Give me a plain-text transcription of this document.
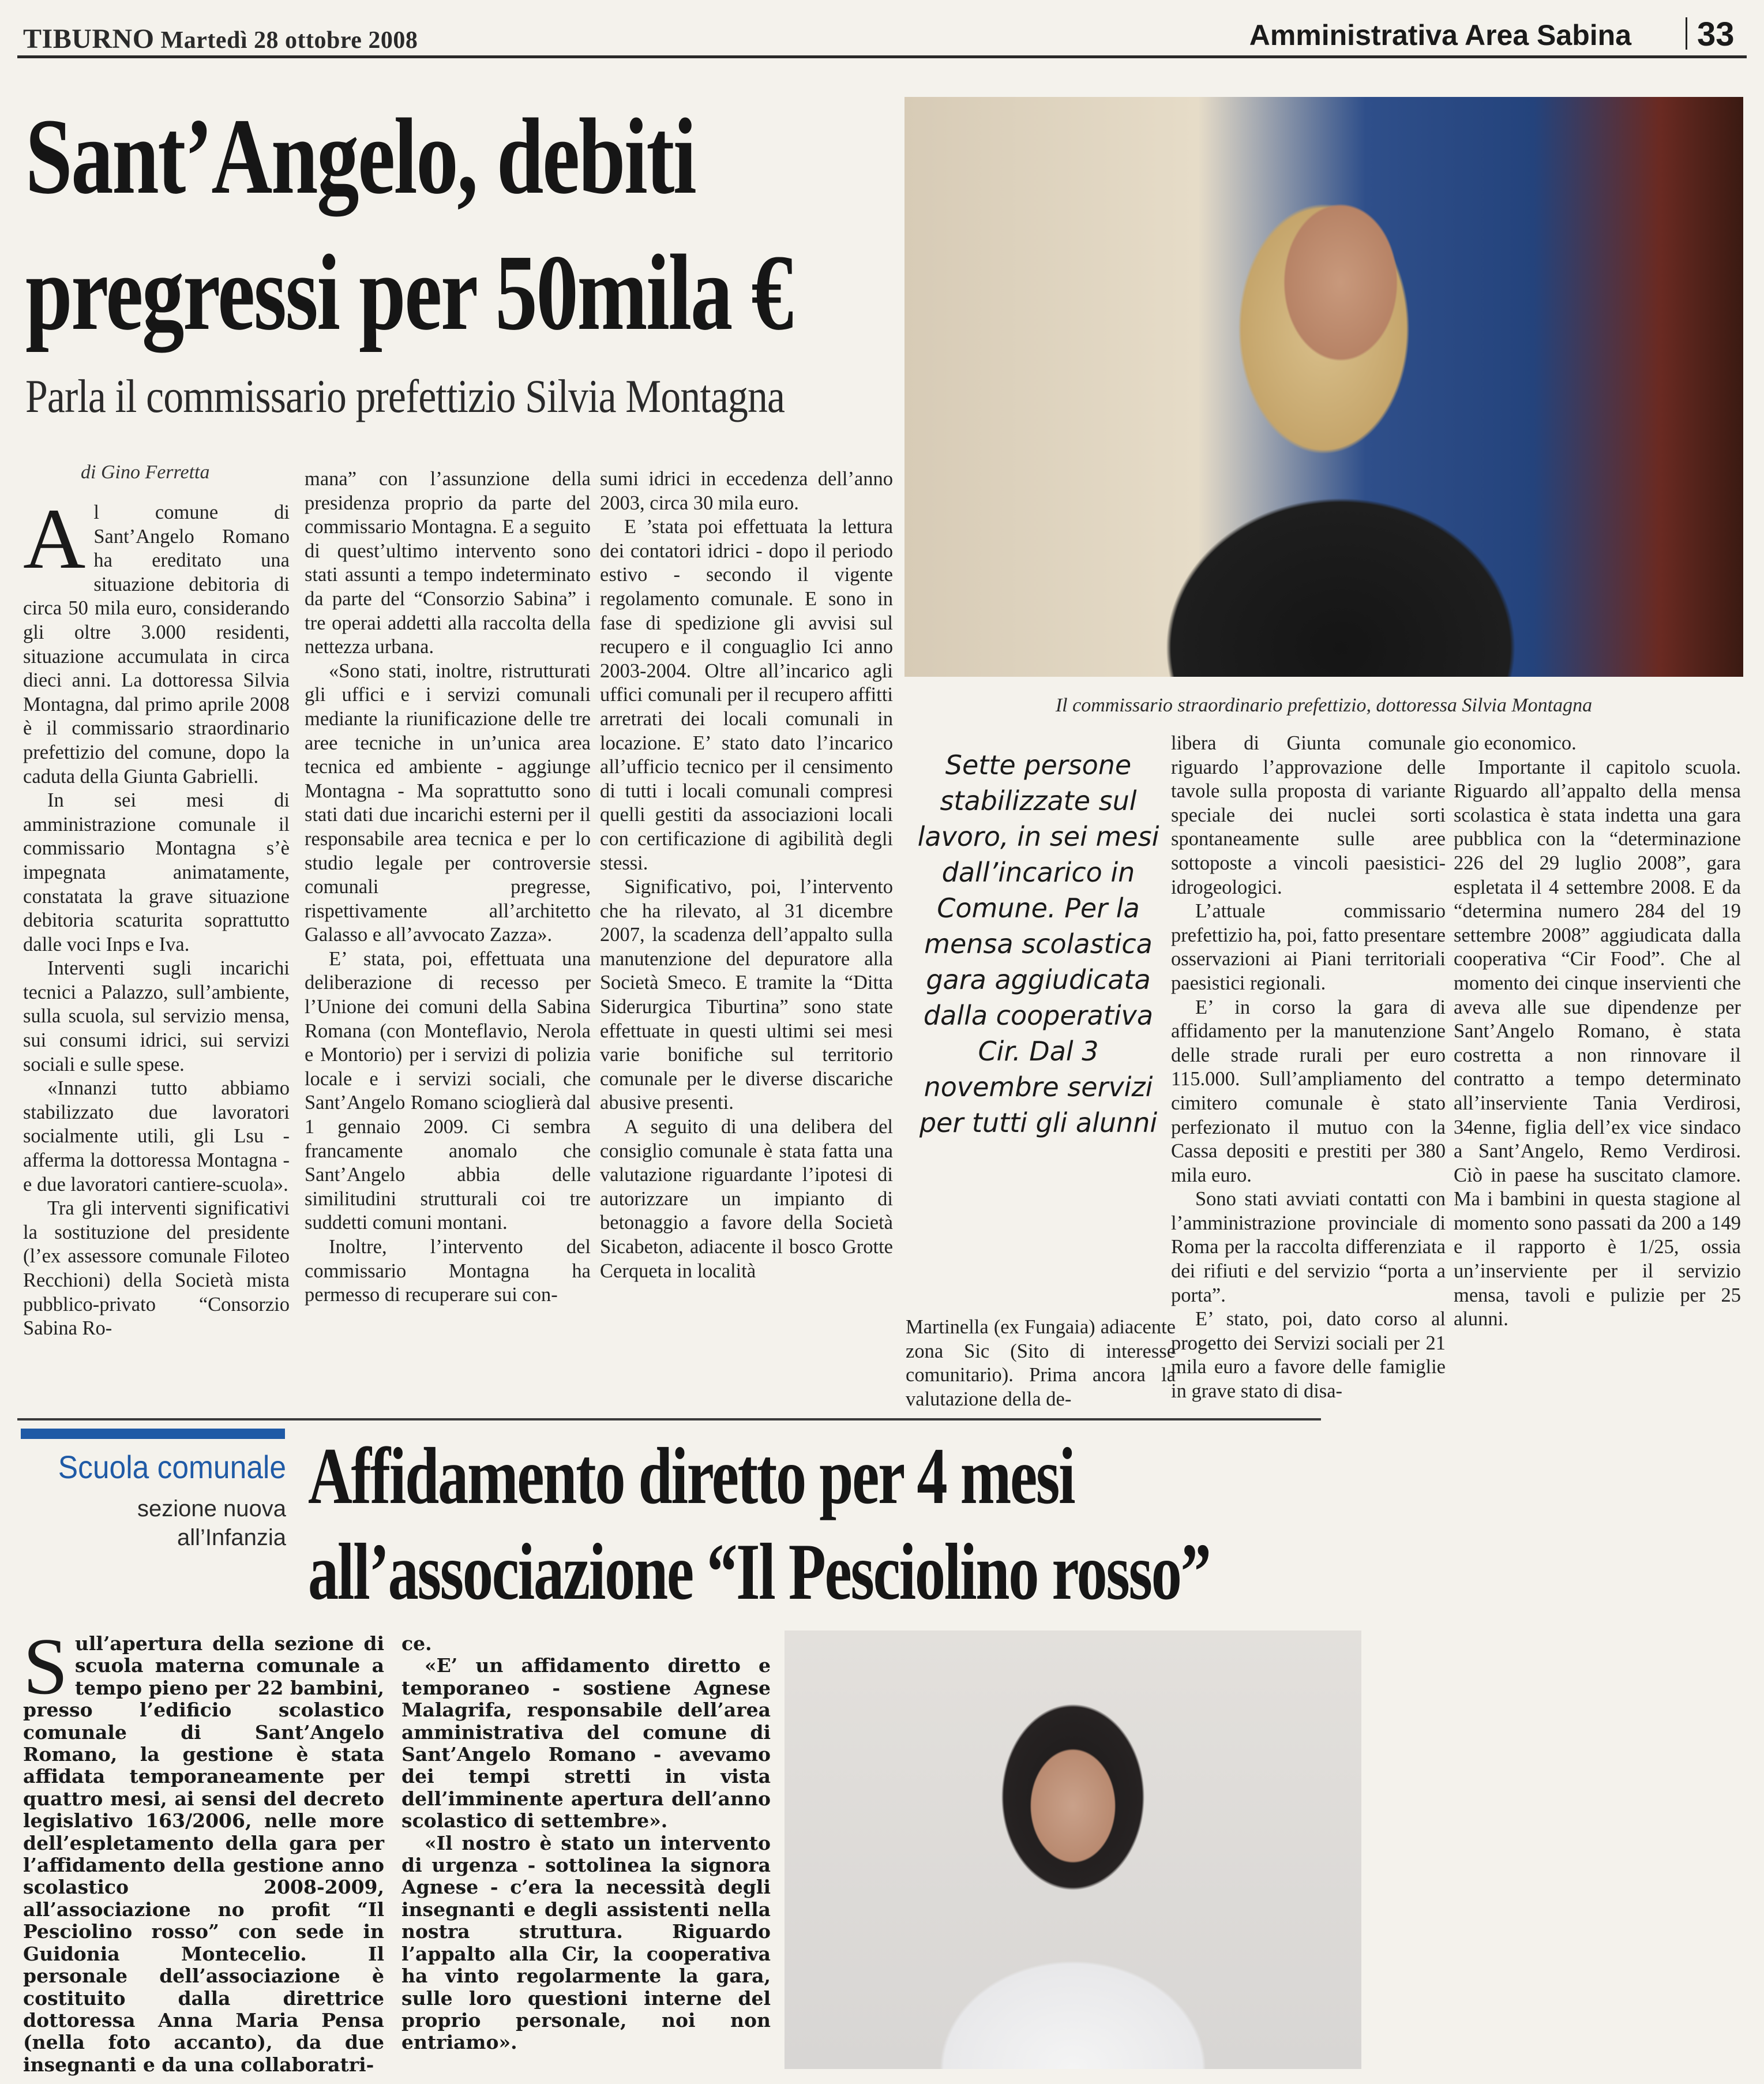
TIBURNO Martedì 28 ottobre 2008	Amministrativa Area Sabina 33
Sant’Angelo, debiti
pregressi per 50mila €
Parla il commissario prefettizio Silvia Montagna
Il commissario straordinario prefettizio, dottoressa Silvia Montagna
di Gino Ferretta

Al comune di Sant’Angelo Romano ha ereditato una situazione debitoria di circa 50 mila euro, considerando gli oltre 3.000 residenti, situazione accumulata in circa dieci anni. La dottoressa Silvia Montagna, dal primo aprile 2008 è il commissario straordinario prefettizio del comune, dopo la caduta della Giunta Gabrielli.

In sei mesi di amministrazione comunale il commissario Montagna s’è impegnata animatamente, constatata la grave situazione debitoria scaturita soprattutto dalle voci Inps e Iva.

Interventi sugli incarichi tecnici a Palazzo, sull’ambiente, sulla scuola, sul servizio mensa, sui consumi idrici, sui servizi sociali e sulle spese.

«Innanzi tutto abbiamo stabilizzato due lavoratori socialmente utili, gli Lsu - afferma la dottoressa Montagna - e due lavoratori cantiere-scuola».

Tra gli interventi significativi la sostituzione del presidente (l’ex assessore comunale Filoteo Recchioni) della Società mista pubblico-privato “Consorzio Sabina Ro-

mana” con l’assunzione della presidenza proprio da parte del commissario Montagna. E a seguito di quest’ultimo intervento sono stati assunti a tempo indeterminato da parte del “Consorzio Sabina” i tre operai addetti alla raccolta della nettezza urbana.

«Sono stati, inoltre, ristrutturati gli uffici e i servizi comunali mediante la riunificazione delle tre aree tecniche in un’unica area tecnica ed ambiente - aggiunge Montagna - Ma soprattutto sono stati dati due incarichi esterni per il responsabile area tecnica e per lo studio legale per controversie comunali pregresse, rispettivamente all’architetto Galasso e all’avvocato Zazza».

E’ stata, poi, effettuata una deliberazione di recesso per l’Unione dei comuni della Sabina Romana (con Monteflavio, Nerola e Montorio) per i servizi di polizia locale e i servizi sociali, che Sant’Angelo Romano scioglierà dal 1 gennaio 2009. Ci sembra francamente anomalo che Sant’Angelo abbia delle similitudini strutturali coi tre suddetti comuni montani.

Inoltre, l’intervento del commissario Montagna ha permesso di recuperare sui con-

sumi idrici in eccedenza dell’anno 2003, circa 30 mila euro.

E ’stata poi effettuata la lettura dei contatori idrici - dopo il periodo estivo - secondo il vigente regolamento comunale. E sono in fase di spedizione gli avvisi sul recupero e il conguaglio Ici anno 2003-2004. Oltre all’incarico agli uffici comunali per il recupero affitti arretrati dei locali comunali in locazione. E’ stato dato l’incarico all’ufficio tecnico per il censimento di tutti i locali comunali compresi quelli gestiti da associazioni locali con certificazione di agibilità degli stessi.

Significativo, poi, l’intervento che ha rilevato, al 31 dicembre 2007, la scadenza dell’appalto sulla manutenzione del depuratore alla Società Smeco. E tramite la “Ditta Siderurgica Tiburtina” sono state effettuate in questi ultimi sei mesi varie bonifiche sul territorio comunale per le diverse discariche abusive presenti.

A seguito di una delibera del consiglio comunale è stata fatta una valutazione riguardante l’ipotesi di autorizzare un impianto di betonaggio a favore della Società Sicabeton, adiacente il bosco Grotte Cerqueta in località

Martinella (ex Fungaia) adiacente zona Sic (Sito di interesse comunitario). Prima ancora la valutazione della de-

libera di Giunta comunale riguardo l’approvazione delle tavole sulla proposta di variante speciale dei nuclei sorti spontaneamente sulle aree sottoposte a vincoli paesistici-idrogeologici.

L’attuale commissario prefettizio ha, poi, fatto presentare osservazioni ai Piani territoriali paesistici regionali.

E’ in corso la gara di affidamento per la manutenzione delle strade rurali per euro 115.000. Sull’ampliamento del cimitero comunale è stato perfezionato il mutuo con la Cassa depositi e prestiti per 380 mila euro.

Sono stati avviati contatti con l’amministrazione provinciale di Roma per la raccolta differenziata dei rifiuti e del servizio “porta a porta”.

E’ stato, poi, dato corso al progetto dei Servizi sociali per 21 mila euro a favore delle famiglie in grave stato di disa-

gio economico.

Importante il capitolo scuola. Riguardo all’appalto della mensa scolastica è stata indetta una gara pubblica con la “determinazione 226 del 29 luglio 2008”, gara espletata il 4 settembre 2008. E da “determina numero 284 del 19 settembre 2008” aggiudicata dalla cooperativa “Cir Food”. Che al momento dei cinque inservienti che aveva alle sue dipendenze per Sant’Angelo Romano, è stata costretta a non rinnovare il contratto a tempo determinato all’inserviente Tania Verdirosi, 34enne, figlia dell’ex vice sindaco a Sant’Angelo, Remo Verdirosi. Ciò in paese ha suscitato clamore. Ma i bambini in questa stagione al momento sono passati da 200 a 149 e il rapporto è 1/25, ossia un’inserviente per il servizio mensa, tavoli e pulizie per 25 alunni.

Sette persone stabilizzate sul lavoro, in sei mesi dall’incarico in Comune. Per la mensa scolastica gara aggiudicata dalla cooperativa Cir. Dal 3 novembre servizi per tutti gli alunni
Scuola comunale
sezione nuova
all’Infanzia
Affidamento diretto per 4 mesi
all’associazione “Il Pesciolino rosso”

Sull’apertura della sezione di scuola materna comunale a tempo pieno per 22 bambini, presso l’edificio scolastico comunale di Sant’Angelo Romano, la gestione è stata affidata temporaneamente per quattro mesi, ai sensi del decreto legislativo 163/2006, nelle more dell’espletamento della gara per l’affidamento della gestione anno scolastico 2008-2009, all’associazione no profit “Il Pesciolino rosso” con sede in Guidonia Montecelio. Il personale dell’associazione è costituito dalla direttrice dottoressa Anna Maria Pensa (nella foto accanto), da due insegnanti e da una collaboratri-

ce.

«E’ un affidamento diretto e temporaneo - sostiene Agnese Malagrifa, responsabile dell’area amministrativa del comune di Sant’Angelo Romano - avevamo dei tempi stretti in vista dell’imminente apertura dell’anno scolastico di settembre».

«Il nostro è stato un intervento di urgenza - sottolinea la signora Agnese - c’era la necessità degli insegnanti e degli assistenti nella nostra struttura. Riguardo l’appalto alla Cir, la cooperativa ha vinto regolarmente la gara, sulle loro questioni interne del proprio personale, noi non entriamo».
